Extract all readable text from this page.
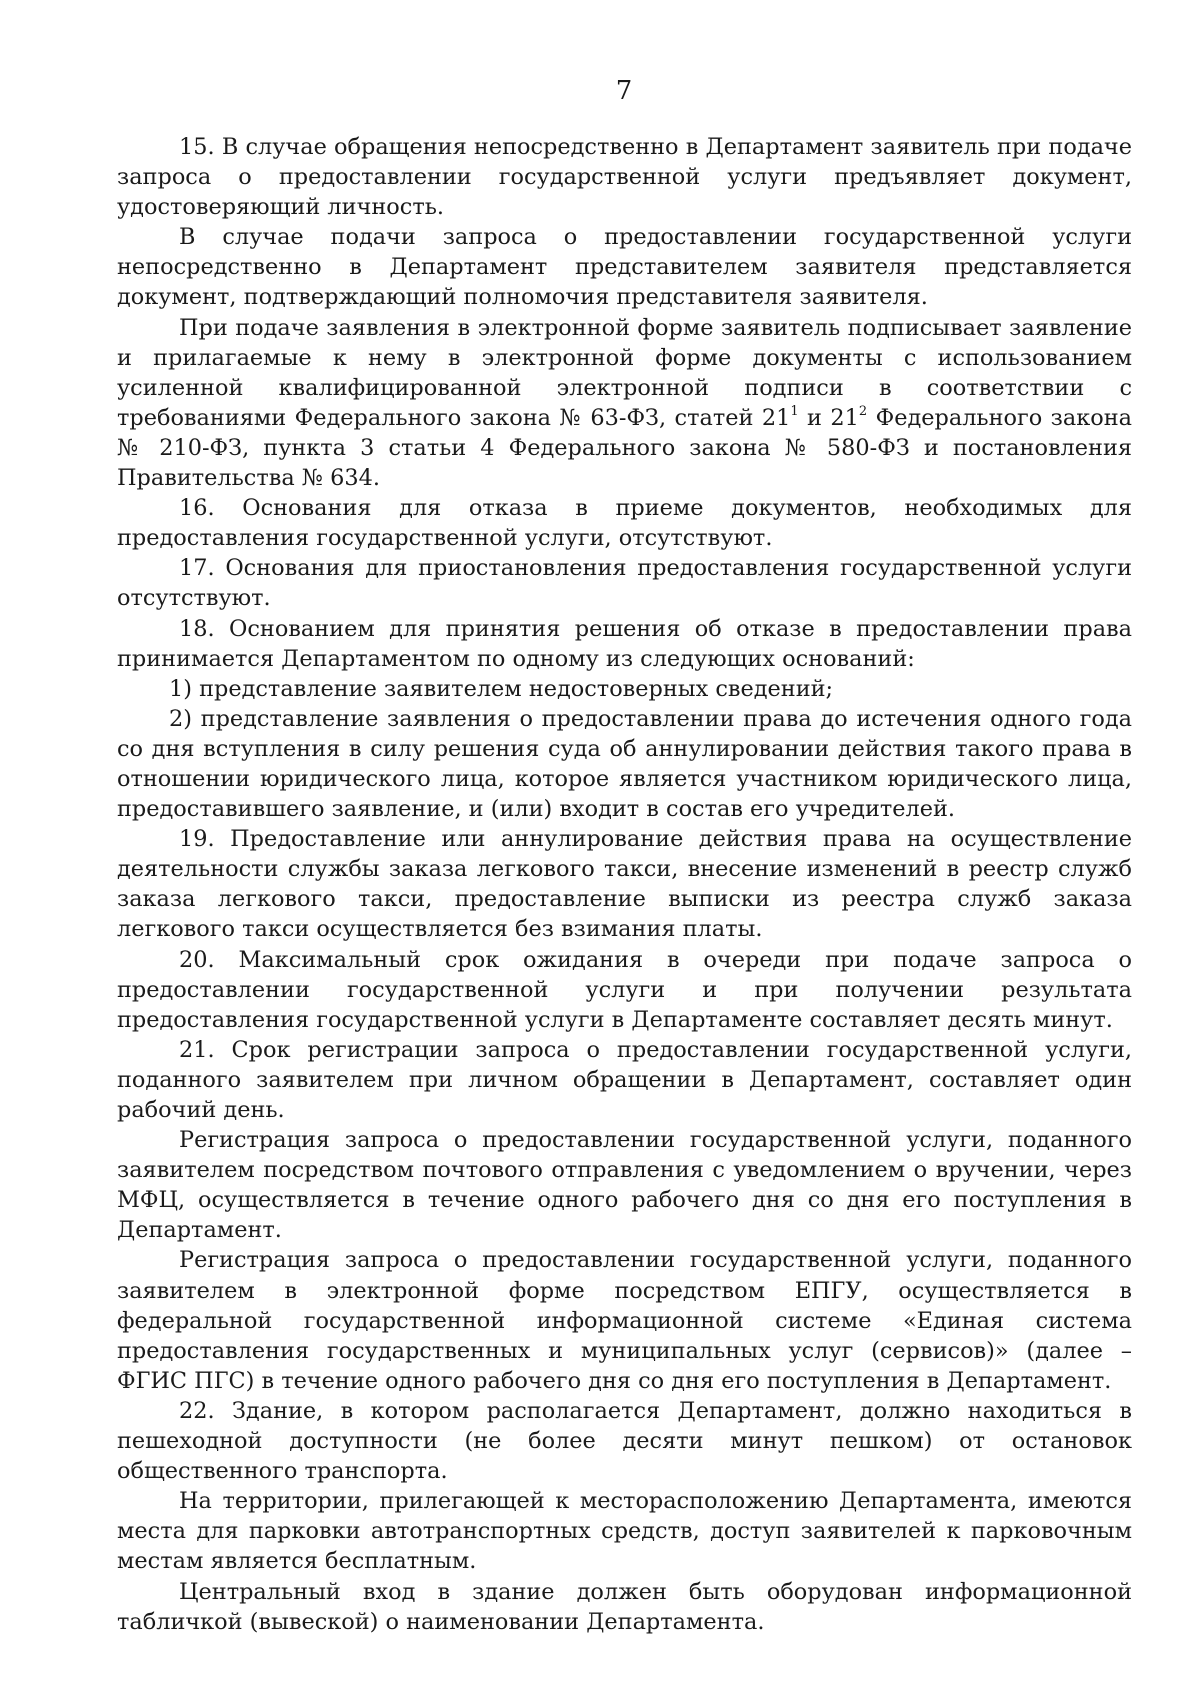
7

15. В случае обращения непосредственно в Департамент заявитель при подаче запроса о предоставлении государственной услуги предъявляет документ, удостоверяющий личность.

В случае подачи запроса о предоставлении государственной услуги непосредственно в Департамент представителем заявителя представляется документ, подтверждающий полномочия представителя заявителя.

При подаче заявления в электронной форме заявитель подписывает заявление и прилагаемые к нему в электронной форме документы с использованием усиленной квалифицированной электронной подписи в соответствии с требованиями Федерального закона № 63-ФЗ, статей $21^1$ и $21^2$ Федерального закона № 210-ФЗ, пункта 3 статьи 4 Федерального закона № 580-ФЗ и постановления Правительства № 634.

16. Основания для отказа в приеме документов, необходимых для предоставления государственной услуги, отсутствуют.

17. Основания для приостановления предоставления государственной услуги отсутствуют.

18. Основанием для принятия решения об отказе в предоставлении права принимается Департаментом по одному из следующих оснований:

1) представление заявителем недостоверных сведений;

2) представление заявления о предоставлении права до истечения одного года со дня вступления в силу решения суда об аннулировании действия такого права в отношении юридического лица, которое является участником юридического лица, предоставившего заявление, и (или) входит в состав его учредителей.

19. Предоставление или аннулирование действия права на осуществление деятельности службы заказа легкового такси, внесение изменений в реестр служб заказа легкового такси, предоставление выписки из реестра служб заказа легкового такси осуществляется без взимания платы.

20. Максимальный срок ожидания в очереди при подаче запроса о предоставлении государственной услуги и при получении результата предоставления государственной услуги в Департаменте составляет десять минут.

21. Срок регистрации запроса о предоставлении государственной услуги, поданного заявителем при личном обращении в Департамент, составляет один рабочий день.

Регистрация запроса о предоставлении государственной услуги, поданного заявителем посредством почтового отправления с уведомлением о вручении, через МФЦ, осуществляется в течение одного рабочего дня со дня его поступления в Департамент.

Регистрация запроса о предоставлении государственной услуги, поданного заявителем в электронной форме посредством ЕПГУ, осуществляется в федеральной государственной информационной системе «Единая система предоставления государственных и муниципальных услуг (сервисов)» (далее – ФГИС ПГС) в течение одного рабочего дня со дня его поступления в Департамент.

22. Здание, в котором располагается Департамент, должно находиться в пешеходной доступности (не более десяти минут пешком) от остановок общественного транспорта.

На территории, прилегающей к месторасположению Департамента, имеются места для парковки автотранспортных средств, доступ заявителей к парковочным местам является бесплатным.

Центральный вход в здание должен быть оборудован информационной табличкой (вывеской) о наименовании Департамента.
